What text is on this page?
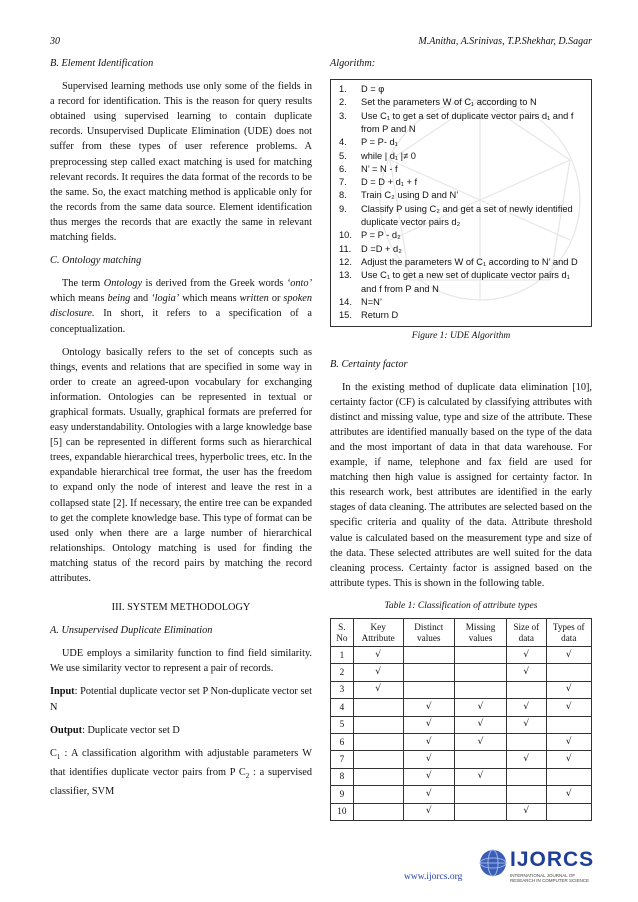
30	M.Anitha, A.Srinivas, T.P.Shekhar, D.Sagar
B. Element Identification

Supervised learning methods use only some of the fields in a record for identification. This is the reason for query results obtained using supervised learning to contain duplicate records. Unsupervised Duplicate Elimination (UDE) does not suffer from these types of user reference problems. A preprocessing step called exact matching is used for matching relevant records. It requires the data format of the records to be the same. So, the exact matching method is applicable only for the records from the same data source. Element identification thus merges the records that are exactly the same in relevant matching fields.

C. Ontology matching

The term Ontology is derived from the Greek words ‘onto’ which means being and ‘logia’ which means written or spoken disclosure. In short, it refers to a specification of a conceptualization.

Ontology basically refers to the set of concepts such as things, events and relations that are specified in some way in order to create an agreed-upon vocabulary for exchanging information. Ontologies can be represented in textual or graphical formats. Usually, graphical formats are preferred for easy understandability. Ontologies with a large knowledge base [5] can be represented in different forms such as hierarchical trees, expandable hierarchical trees, hyperbolic trees, etc. In the expandable hierarchical tree format, the user has the freedom to expand only the node of interest and leave the rest in a collapsed state [2]. If necessary, the entire tree can be expanded to get the complete knowledge base. This type of format can be used only when there are a large number of hierarchical relationships. Ontology matching is used for finding the matching status of the record pairs by matching the record attributes.

III. SYSTEM METHODOLOGY
A. Unsupervised Duplicate Elimination

UDE employs a similarity function to find field similarity. We use similarity vector to represent a pair of records.

Input: Potential duplicate vector set P Non-duplicate vector set N

Output: Duplicate vector set D

$C_1$ : A classification algorithm with adjustable parameters W that identifies duplicate vector pairs from P $C_2$ : a supervised classifier, SVM

Algorithm:
1.	D = φ
2.	Set the parameters W of C₁ according to N
3.	Use C₁ to get a set of duplicate vector pairs d₁ and f from P and N
4.	P = P- d₁
5.	while | d₁ |≠ 0
6.	N’ = N - f
7.	D = D + d₁ + f
8.	Train C₂ using D and N’
9.	Classify P using C₂ and get a set of newly identified duplicate vector pairs d₂
10. P = P - d₂
11.	D =D + d₂
12. Adjust the parameters W of C₁ according to N’ and D
13. Use C₁ to get a new set of duplicate vector pairs d₁ and f from P and N
14. N=N’
15. Return D
Figure 1: UDE Algorithm
B. Certainty factor

In the existing method of duplicate data elimination [10], certainty factor (CF) is calculated by classifying attributes with distinct and missing value, type and size of the attribute. These attributes are identified manually based on the type of the data and the most important of data in that data warehouse. For example, if name, telephone and fax field are used for matching then high value is assigned for certainty factor. In this research work, best attributes are identified in the early stages of data cleaning. The attributes are selected based on the specific criteria and quality of the data. Attribute threshold value is calculated based on the measurement type and size of the data. These selected attributes are well suited for the data cleaning process. Certainty factor is assigned based on the attribute types. This is shown in the following table.

Table 1: Classification of attribute types
S. No	Key Attribute	Distinct values	Missing values	Size of data	Types of data
1	√			√	√
2	√			√	
3	√				√
4		√	√	√	√
5		√	√	√	
6		√	√		√
7		√		√	√
8		√	√		
9		√			√
10		√		√	
www.ijorcs.org
IJORCS
INTERNATIONAL JOURNAL OF RESEARCH IN COMPUTER SCIENCE
